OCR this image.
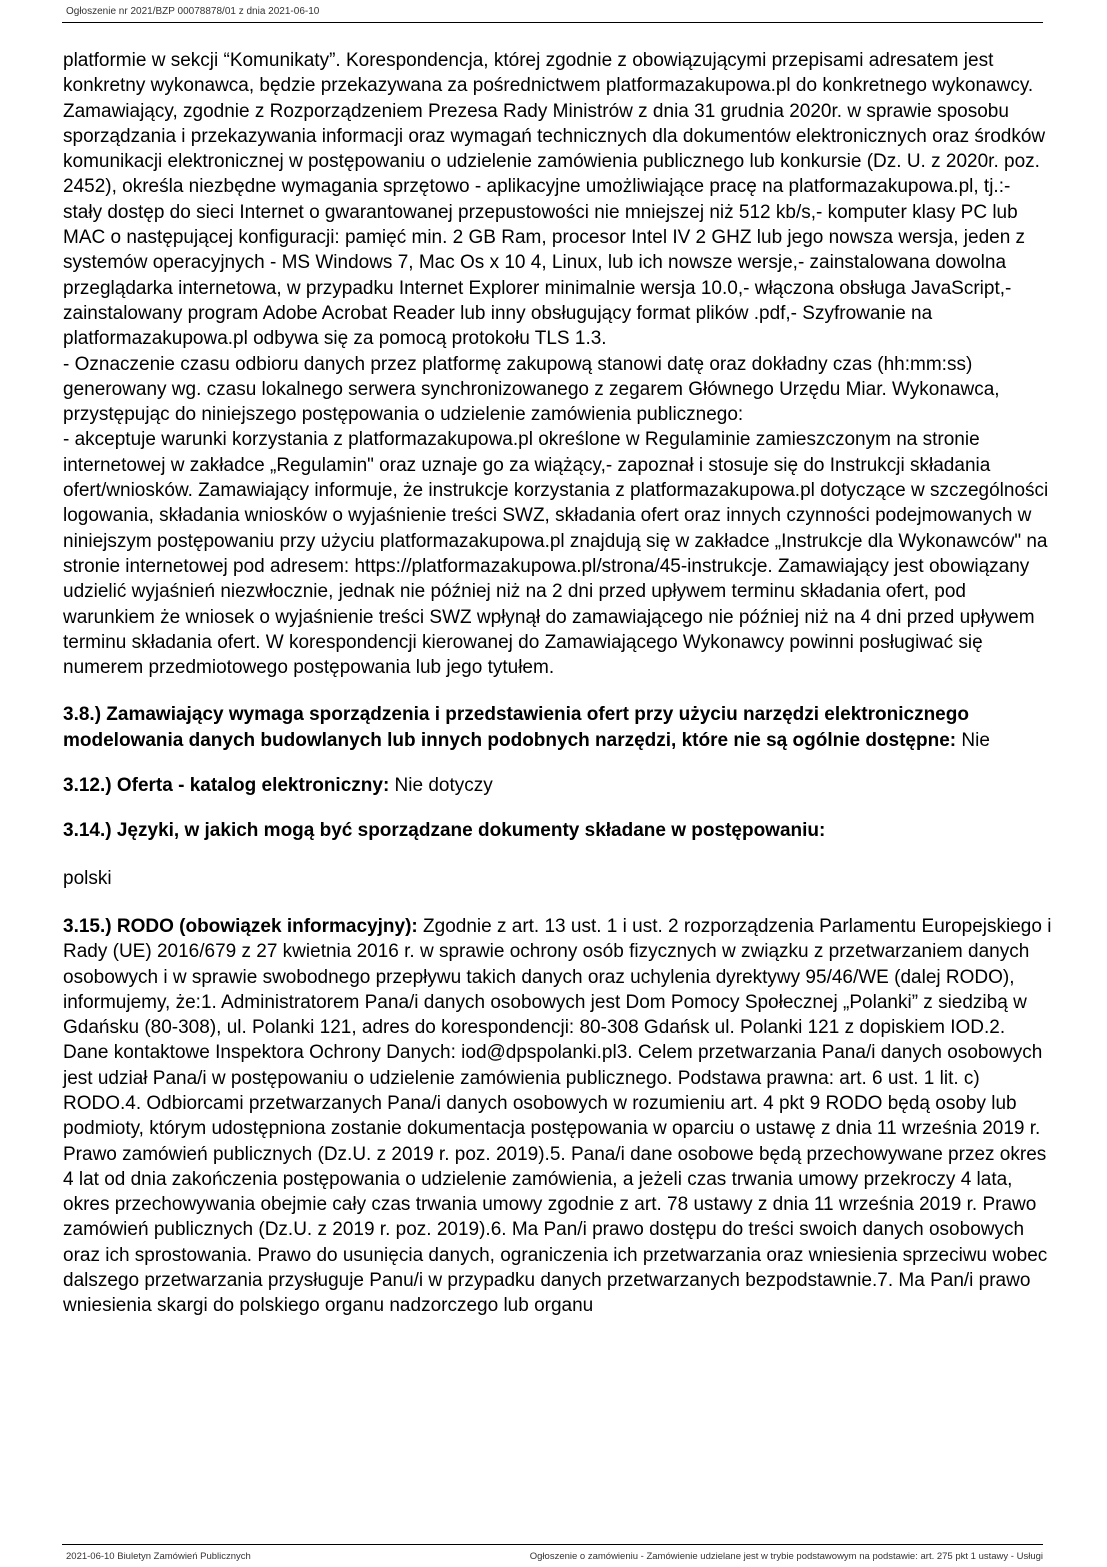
Ogłoszenie nr 2021/BZP 00078878/01 z dnia 2021-06-10

platformie w sekcji “Komunikaty”. Korespondencja, której zgodnie z obowiązującymi przepisami adresatem jest konkretny wykonawca, będzie przekazywana za pośrednictwem platformazakupowa.pl do konkretnego wykonawcy. Zamawiający, zgodnie z Rozporządzeniem Prezesa Rady Ministrów z dnia 31 grudnia 2020r. w sprawie sposobu sporządzania i przekazywania informacji oraz wymagań technicznych dla dokumentów elektronicznych oraz środków komunikacji elektronicznej w postępowaniu o udzielenie zamówienia publicznego lub konkursie (Dz. U. z 2020r. poz. 2452), określa niezbędne wymagania sprzętowo - aplikacyjne umożliwiające pracę na platformazakupowa.pl, tj.:- stały dostęp do sieci Internet o gwarantowanej przepustowości nie mniejszej niż 512 kb/s,- komputer klasy PC lub MAC o następującej konfiguracji: pamięć min. 2 GB Ram, procesor Intel IV 2 GHZ lub jego nowsza wersja, jeden z systemów operacyjnych - MS Windows 7, Mac Os x 10 4, Linux, lub ich nowsze wersje,- zainstalowana dowolna przeglądarka internetowa, w przypadku Internet Explorer minimalnie wersja 10.0,- włączona obsługa JavaScript,- zainstalowany program Adobe Acrobat Reader lub inny obsługujący format plików .pdf,- Szyfrowanie na platformazakupowa.pl odbywa się za pomocą protokołu TLS 1.3.

- Oznaczenie czasu odbioru danych przez platformę zakupową stanowi datę oraz dokładny czas (hh:mm:ss) generowany wg. czasu lokalnego serwera synchronizowanego z zegarem Głównego Urzędu Miar. Wykonawca, przystępując do niniejszego postępowania o udzielenie zamówienia publicznego:

- akceptuje warunki korzystania z platformazakupowa.pl określone w Regulaminie zamieszczonym na stronie internetowej w zakładce „Regulamin" oraz uznaje go za wiążący,- zapoznał i stosuje się do Instrukcji składania ofert/wniosków. Zamawiający informuje, że instrukcje korzystania z platformazakupowa.pl dotyczące w szczególności logowania, składania wniosków o wyjaśnienie treści SWZ, składania ofert oraz innych czynności podejmowanych w niniejszym postępowaniu przy użyciu platformazakupowa.pl znajdują się w zakładce „Instrukcje dla Wykonawców" na stronie internetowej pod adresem: https://platformazakupowa.pl/strona/45-instrukcje. Zamawiający jest obowiązany udzielić wyjaśnień niezwłocznie, jednak nie później niż na 2 dni przed upływem terminu składania ofert, pod warunkiem że wniosek o wyjaśnienie treści SWZ wpłynął do zamawiającego nie później niż na 4 dni przed upływem terminu składania ofert. W korespondencji kierowanej do Zamawiającego Wykonawcy powinni posługiwać się numerem przedmiotowego postępowania lub jego tytułem.

3.8.) Zamawiający wymaga sporządzenia i przedstawienia ofert przy użyciu narzędzi elektronicznego modelowania danych budowlanych lub innych podobnych narzędzi, które nie są ogólnie dostępne: Nie

3.12.) Oferta - katalog elektroniczny: Nie dotyczy

3.14.) Języki, w jakich mogą być sporządzane dokumenty składane w postępowaniu:

polski

3.15.) RODO (obowiązek informacyjny): Zgodnie z art. 13 ust. 1 i ust. 2 rozporządzenia Parlamentu Europejskiego i Rady (UE) 2016/679 z 27 kwietnia 2016 r. w sprawie ochrony osób fizycznych w związku z przetwarzaniem danych osobowych i w sprawie swobodnego przepływu takich danych oraz uchylenia dyrektywy 95/46/WE (dalej RODO), informujemy, że:1. Administratorem Pana/i danych osobowych jest Dom Pomocy Społecznej „Polanki” z siedzibą w Gdańsku (80-308), ul. Polanki 121, adres do korespondencji: 80-308 Gdańsk ul. Polanki 121 z dopiskiem IOD.2. Dane kontaktowe Inspektora Ochrony Danych: iod@dpspolanki.pl3. Celem przetwarzania Pana/i danych osobowych jest udział Pana/i w postępowaniu o udzielenie zamówienia publicznego. Podstawa prawna: art. 6 ust. 1 lit. c) RODO.4. Odbiorcami przetwarzanych Pana/i danych osobowych w rozumieniu art. 4 pkt 9 RODO będą osoby lub podmioty, którym udostępniona zostanie dokumentacja postępowania w oparciu o ustawę z dnia 11 września 2019 r. Prawo zamówień publicznych (Dz.U. z 2019 r. poz. 2019).5. Pana/i dane osobowe będą przechowywane przez okres 4 lat od dnia zakończenia postępowania o udzielenie zamówienia, a jeżeli czas trwania umowy przekroczy 4 lata, okres przechowywania obejmie cały czas trwania umowy zgodnie z art. 78 ustawy z dnia 11 września 2019 r. Prawo zamówień publicznych (Dz.U. z 2019 r. poz. 2019).6. Ma Pan/i prawo dostępu do treści swoich danych osobowych oraz ich sprostowania. Prawo do usunięcia danych, ograniczenia ich przetwarzania oraz wniesienia sprzeciwu wobec dalszego przetwarzania przysługuje Panu/i w przypadku danych przetwarzanych bezpodstawnie.7. Ma Pan/i prawo wniesienia skargi do polskiego organu nadzorczego lub organu

2021-06-10 Biuletyn Zamówień Publicznych	Ogłoszenie o zamówieniu - Zamówienie udzielane jest w trybie podstawowym na podstawie: art. 275 pkt 1 ustawy - Usługi
